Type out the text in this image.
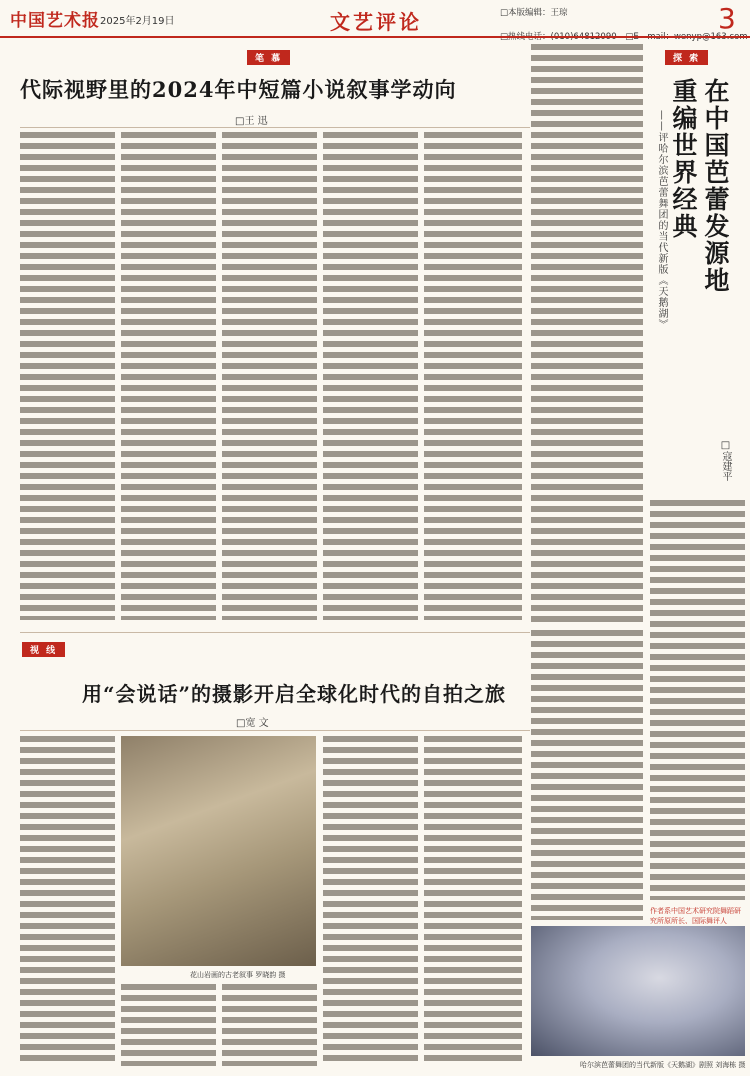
中国艺术报 2025年2月19日	文艺评论	□本版编辑：王琼	3
笔 慕
代际视野里的2024年中短篇小说叙事学动向
□王 迅
视 线
用“会说话”的摄影开启全球化时代的自拍之旅
□宽 文
花山岩画的古老叙事 罗晓韵 摄
探 索
在中国芭蕾发源地
重编世界经典
——评哈尔滨芭蕾舞团的当代新版《天鹅湖》
□寇建平
作者系中国艺术研究院舞蹈研究所原所长、国际舞评人
哈尔滨芭蕾舞团的当代新版《天鹅湖》剧照 刘海栋 摄
